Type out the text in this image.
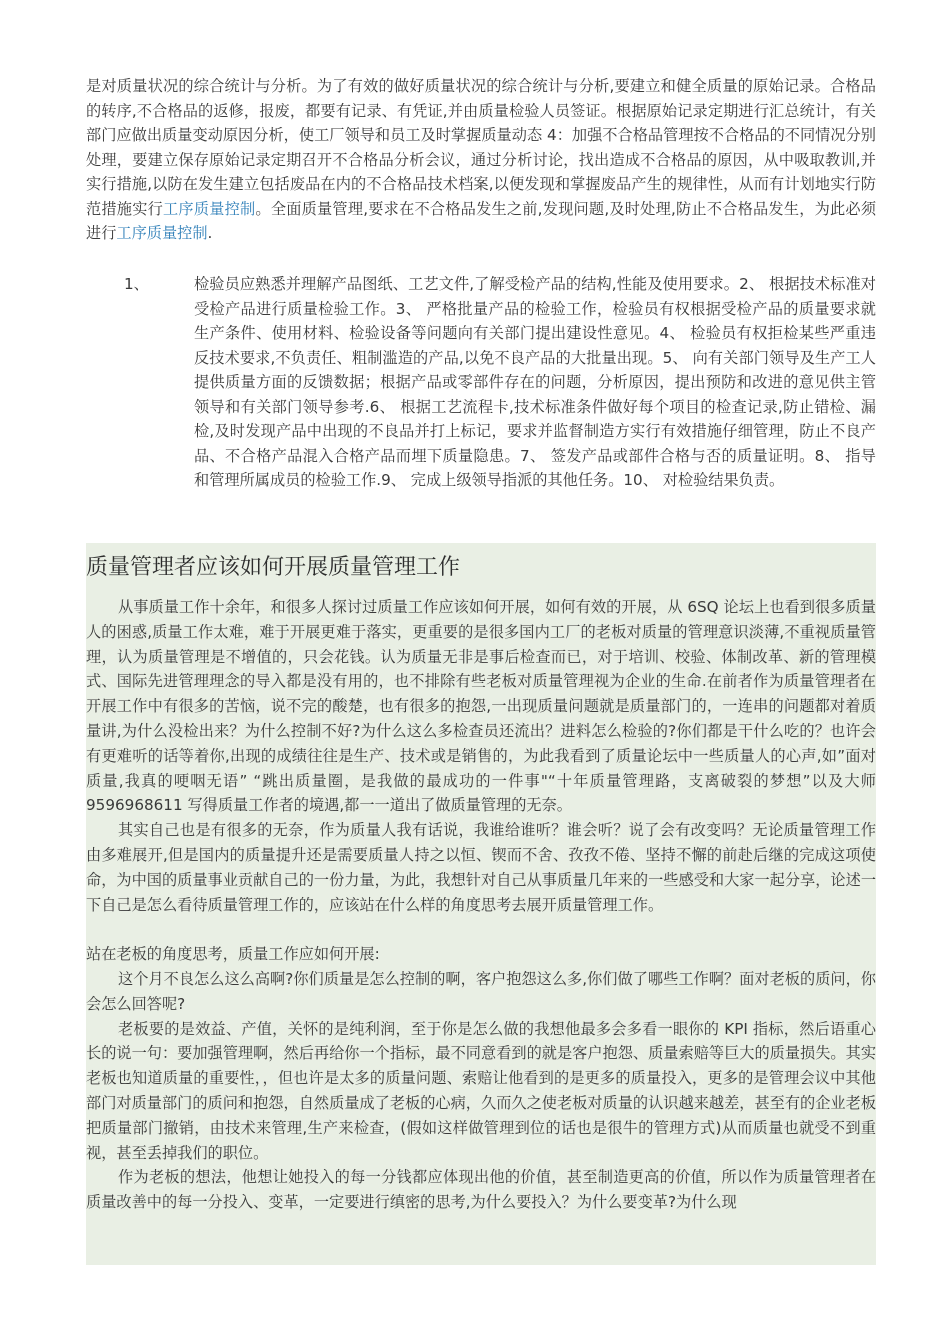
是对质量状况的综合统计与分析。为了有效的做好质量状况的综合统计与分析,要建立和健全质量的原始记录。合格品的转序,不合格品的返修，报废，都要有记录、有凭证,并由质量检验人员签证。根据原始记录定期进行汇总统计，有关部门应做出质量变动原因分析，使工厂领导和员工及时掌握质量动态 4：加强不合格品管理按不合格品的不同情况分别处理，要建立保存原始记录定期召开不合格品分析会议，通过分析讨论，找出造成不合格品的原因，从中吸取教训,并实行措施,以防在发生建立包括废品在内的不合格品技术档案,以便发现和掌握废品产生的规律性，从而有计划地实行防范措施实行工序质量控制。全面质量管理,要求在不合格品发生之前,发现问题,及时处理,防止不合格品发生，为此必须进行工序质量控制.

1、	检验员应熟悉并理解产品图纸、工艺文件,了解受检产品的结构,性能及使用要求。2、 根据技术标准对受检产品进行质量检验工作。3、 严格批量产品的检验工作，检验员有权根据受检产品的质量要求就生产条件、使用材料、检验设备等问题向有关部门提出建设性意见。4、 检验员有权拒检某些严重违反技术要求,不负责任、粗制滥造的产品,以免不良产品的大批量出现。5、 向有关部门领导及生产工人提供质量方面的反馈数据；根据产品或零部件存在的问题，分析原因，提出预防和改进的意见供主管领导和有关部门领导参考.6、 根据工艺流程卡,技术标准条件做好每个项目的检查记录,防止错检、漏检,及时发现产品中出现的不良品并打上标记，要求并监督制造方实行有效措施仔细管理，防止不良产品、不合格产品混入合格产品而埋下质量隐患。7、 签发产品或部件合格与否的质量证明。8、 指导和管理所属成员的检验工作.9、 完成上级领导指派的其他任务。10、 对检验结果负责。
质量管理者应该如何开展质量管理工作

从事质量工作十余年，和很多人探讨过质量工作应该如何开展，如何有效的开展，从 6SQ 论坛上也看到很多质量人的困惑,质量工作太难，难于开展更难于落实，更重要的是很多国内工厂的老板对质量的管理意识淡薄,不重视质量管理，认为质量管理是不增值的，只会花钱。认为质量无非是事后检查而已，对于培训、校验、体制改革、新的管理模式、国际先进管理理念的导入都是没有用的，也不排除有些老板对质量管理视为企业的生命.在前者作为质量管理者在开展工作中有很多的苦恼，说不完的酸楚，也有很多的抱怨,一出现质量问题就是质量部门的，一连串的问题都对着质量讲,为什么没检出来？为什么控制不好?为什么这么多检查员还流出？进料怎么检验的?你们都是干什么吃的？也许会有更难听的话等着你,出现的成绩往往是生产、技术或是销售的，为此我看到了质量论坛中一些质量人的心声,如”面对质量,我真的哽咽无语” “跳出质量圈，是我做的最成功的一件事"“十年质量管理路，支离破裂的梦想”以及大师 9596968611 写得质量工作者的境遇,都一一道出了做质量管理的无奈。

其实自己也是有很多的无奈，作为质量人我有话说，我谁给谁听？谁会听？说了会有改变吗？无论质量管理工作由多难展开,但是国内的质量提升还是需要质量人持之以恒、锲而不舍、孜孜不倦、坚持不懈的前赴后继的完成这项使命，为中国的质量事业贡献自己的一份力量，为此，我想针对自己从事质量几年来的一些感受和大家一起分享，论述一下自己是怎么看待质量管理工作的，应该站在什么样的角度思考去展开质量管理工作。

站在老板的角度思考，质量工作应如何开展:

这个月不良怎么这么高啊?你们质量是怎么控制的啊，客户抱怨这么多,你们做了哪些工作啊？面对老板的质问，你会怎么回答呢?

老板要的是效益、产值，关怀的是纯利润，至于你是怎么做的我想他最多会多看一眼你的 KPI 指标，然后语重心长的说一句：要加强管理啊，然后再给你一个指标，最不同意看到的就是客户抱怨、质量索赔等巨大的质量损失。其实老板也知道质量的重要性，，但也许是太多的质量问题、索赔让他看到的是更多的质量投入，更多的是管理会议中其他部门对质量部门的质问和抱怨，自然质量成了老板的心病，久而久之使老板对质量的认识越来越差，甚至有的企业老板把质量部门撤销，由技术来管理,生产来检查，(假如这样做管理到位的话也是很牛的管理方式)从而质量也就受不到重视，甚至丢掉我们的职位。

作为老板的想法，他想让她投入的每一分钱都应体现出他的价值，甚至制造更高的价值，所以作为质量管理者在质量改善中的每一分投入、变革，一定要进行缜密的思考,为什么要投入？为什么要变革?为什么现
